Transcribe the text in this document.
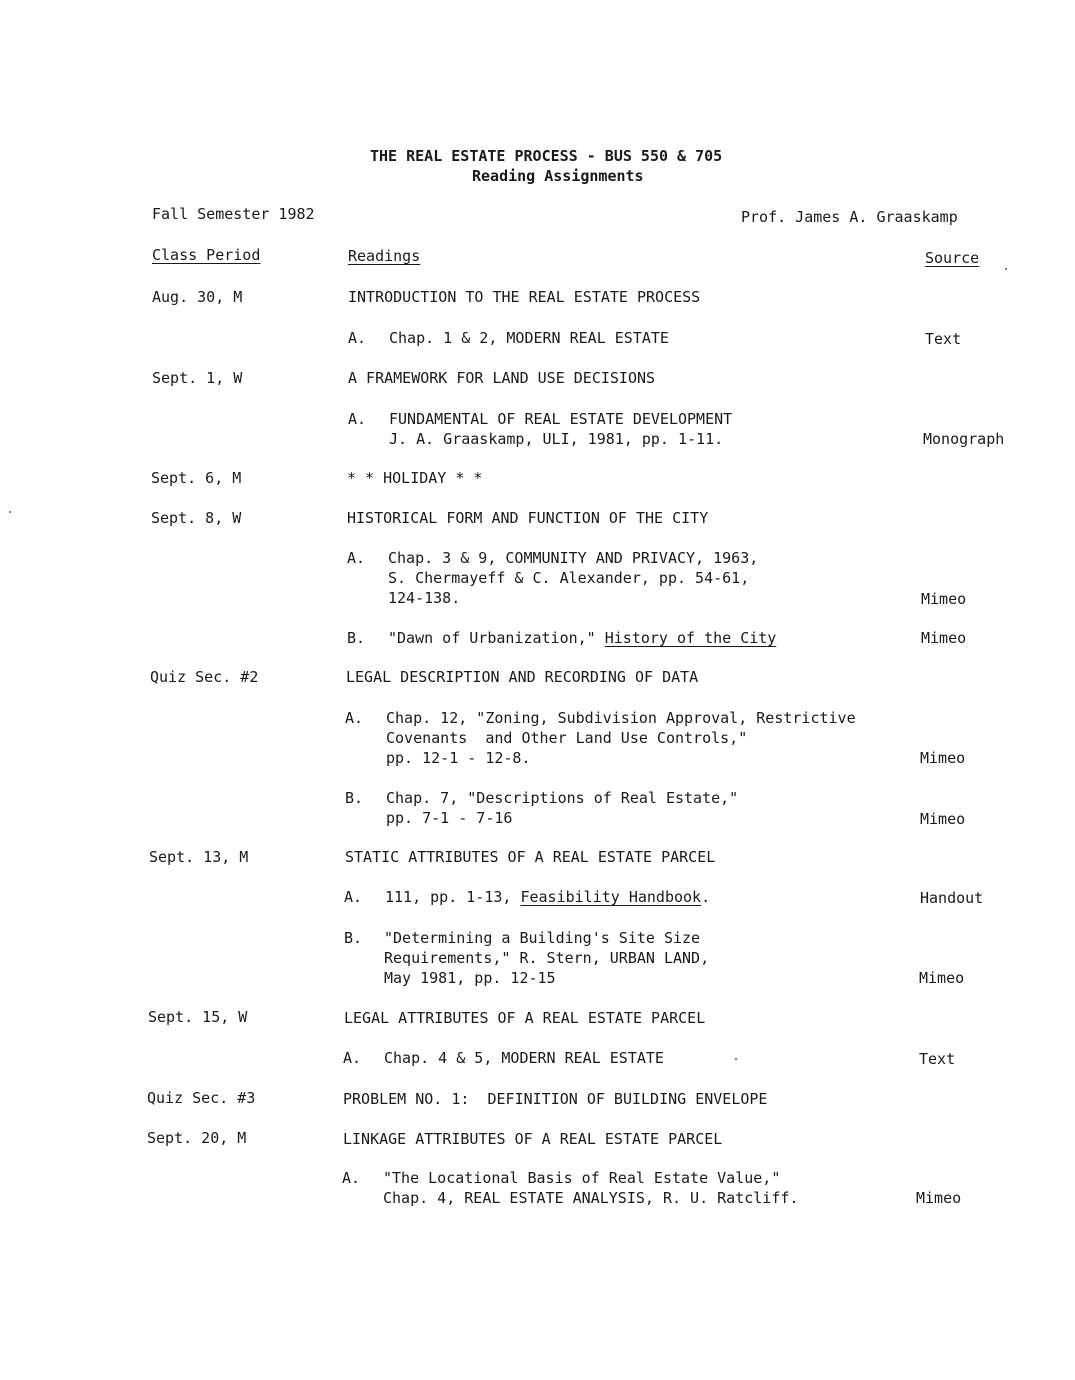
THE REAL ESTATE PROCESS - BUS 550 & 705
Reading Assignments
Fall Semester 1982	Prof. James A. Graaskamp
Class Period	Readings	Source
Aug. 30, M	INTRODUCTION TO THE REAL ESTATE PROCESS
A. Chap. 1 & 2, MODERN REAL ESTATE	Text
Sept. 1, W	A FRAMEWORK FOR LAND USE DECISIONS
A. FUNDAMENTAL OF REAL ESTATE DEVELOPMENT
J. A. Graaskamp, ULI, 1981, pp. 1-11.	Monograph
Sept. 6, M	* * HOLIDAY * *
Sept. 8, W	HISTORICAL FORM AND FUNCTION OF THE CITY
A. Chap. 3 & 9, COMMUNITY AND PRIVACY, 1963,
S. Chermayeff & C. Alexander, pp. 54-61,
124-138.	Mimeo
B. "Dawn of Urbanization," History of the City	Mimeo
Quiz Sec. #2	LEGAL DESCRIPTION AND RECORDING OF DATA
A. Chap. 12, "Zoning, Subdivision Approval, Restrictive
Covenants  and Other Land Use Controls,"
pp. 12-1 - 12-8.	Mimeo
B. Chap. 7, "Descriptions of Real Estate,"
pp. 7-1 - 7-16	Mimeo
Sept. 13, M	STATIC ATTRIBUTES OF A REAL ESTATE PARCEL
A. 111, pp. 1-13, Feasibility Handbook.	Handout
B. "Determining a Building's Site Size
Requirements," R. Stern, URBAN LAND,
May 1981, pp. 12-15	Mimeo
Sept. 15, W	LEGAL ATTRIBUTES OF A REAL ESTATE PARCEL
A. Chap. 4 & 5, MODERN REAL ESTATE	Text
Quiz Sec. #3	PROBLEM NO. 1:  DEFINITION OF BUILDING ENVELOPE
Sept. 20, M	LINKAGE ATTRIBUTES OF A REAL ESTATE PARCEL
A. "The Locational Basis of Real Estate Value,"
Chap. 4, REAL ESTATE ANALYSIS, R. U. Ratcliff.	Mimeo
